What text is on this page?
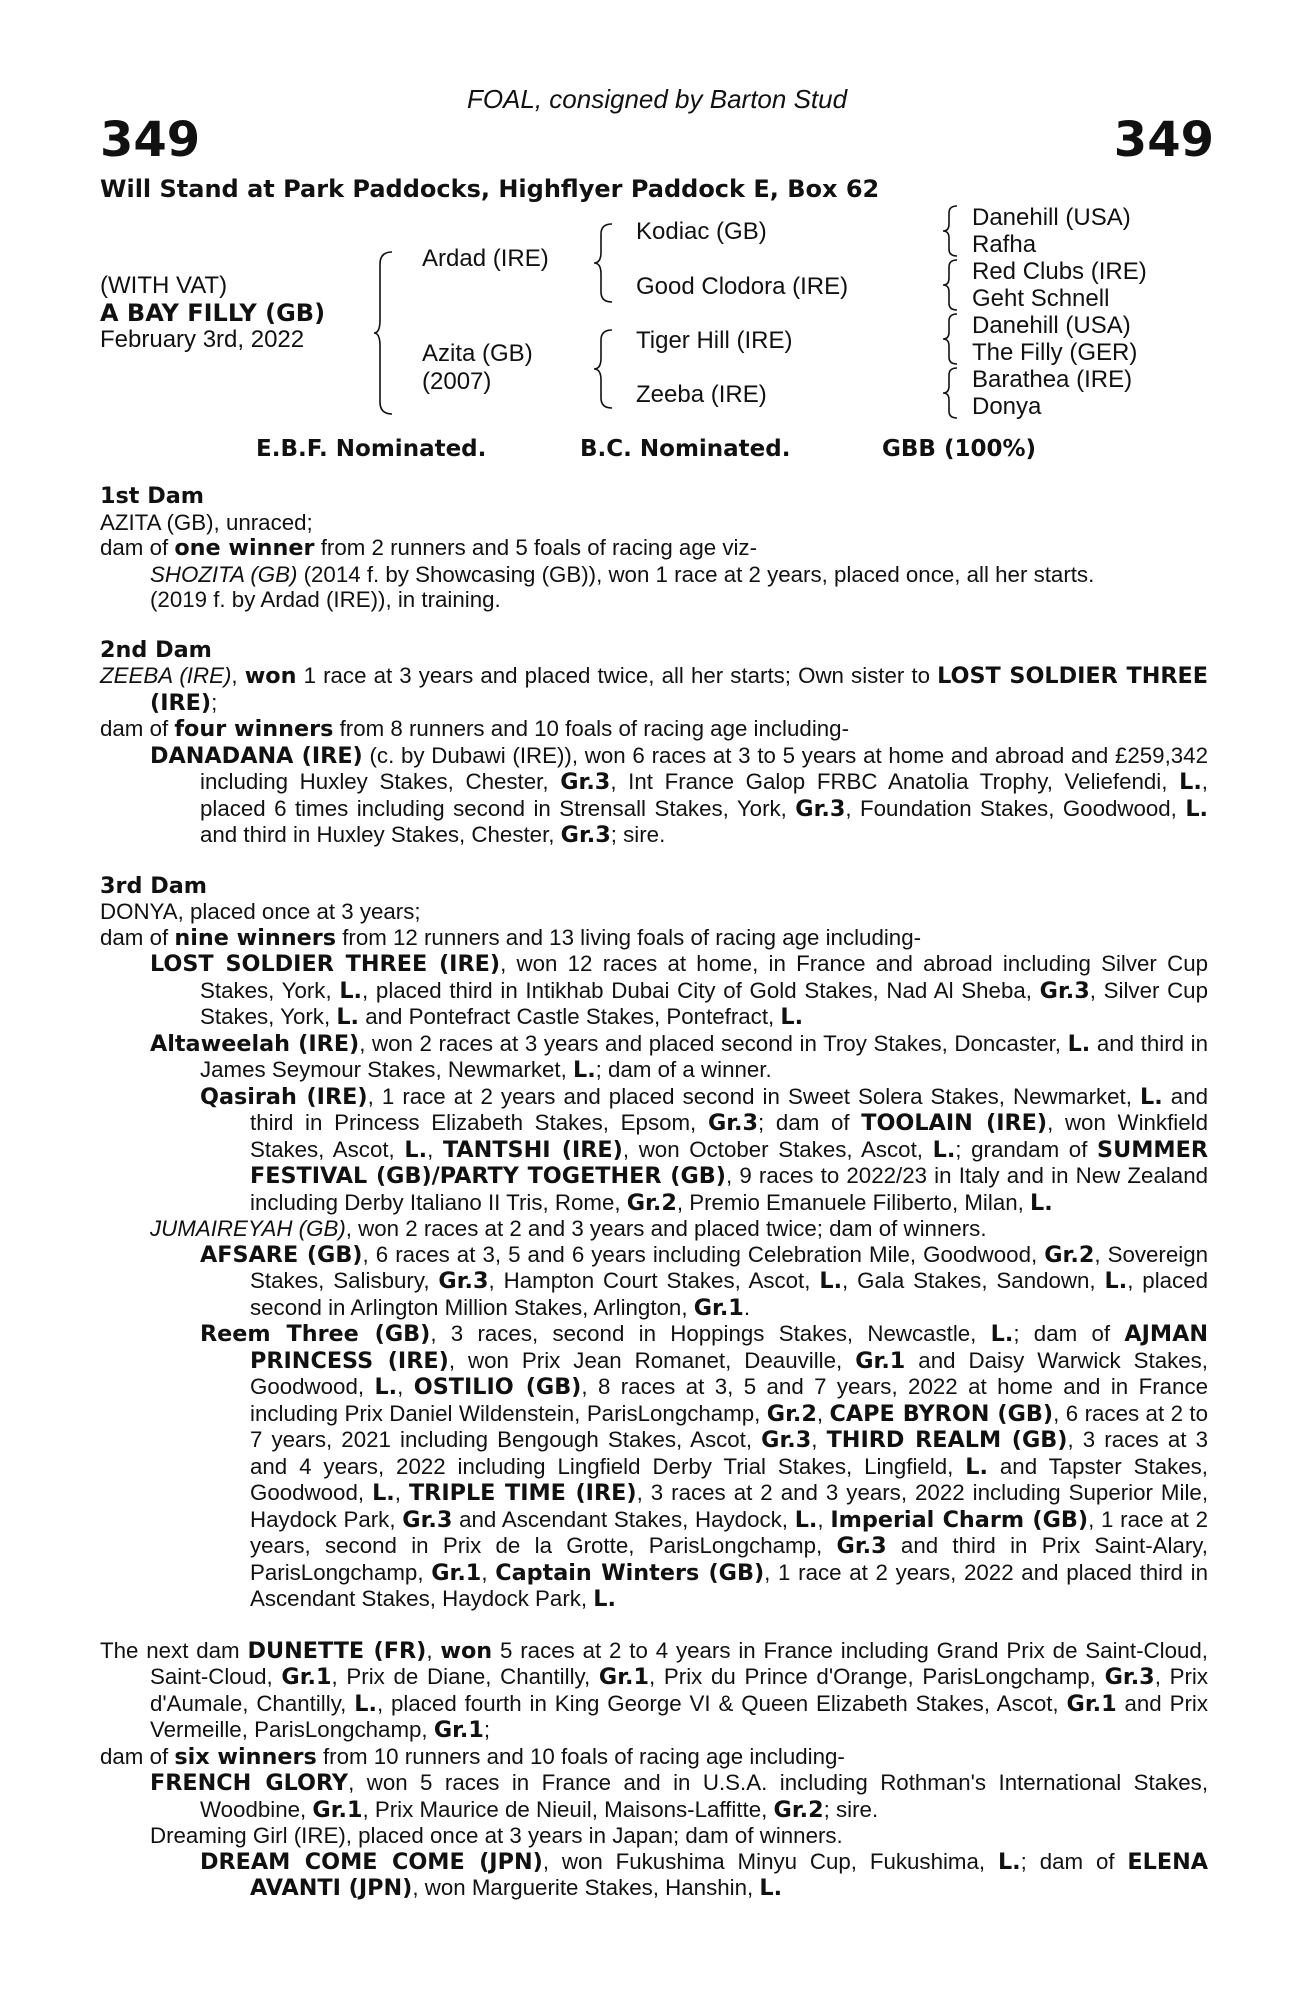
FOAL, consigned by Barton Stud
349	349
Will Stand at Park Paddocks, Highflyer Paddock E, Box 62
(WITH VAT)
A BAY FILLY (GB)
February 3rd, 2022
Ardad (IRE)
Azita (GB)
(2007)
Kodiac (GB)
Good Clodora (IRE)
Tiger Hill (IRE)
Zeeba (IRE)
Danehill (USA)
Rafha
Red Clubs (IRE)
Geht Schnell
Danehill (USA)
The Filly (GER)
Barathea (IRE)
Donya
E.B.F. Nominated.	B.C. Nominated.	GBB (100%)

1st Dam

AZITA (GB), unraced;

dam of one winner from 2 runners and 5 foals of racing age viz-

SHOZITA (GB) (2014 f. by Showcasing (GB)), won 1 race at 2 years, placed once, all her starts.

(2019 f. by Ardad (IRE)), in training.

2nd Dam

ZEEBA (IRE), won 1 race at 3 years and placed twice, all her starts; Own sister to LOST SOLDIER THREE (IRE);

dam of four winners from 8 runners and 10 foals of racing age including-

DANADANA (IRE) (c. by Dubawi (IRE)), won 6 races at 3 to 5 years at home and abroad and £259,342 including Huxley Stakes, Chester, Gr.3, Int France Galop FRBC Anatolia Trophy, Veliefendi, L., placed 6 times including second in Strensall Stakes, York, Gr.3, Foundation Stakes, Goodwood, L. and third in Huxley Stakes, Chester, Gr.3; sire.

3rd Dam

DONYA, placed once at 3 years;

dam of nine winners from 12 runners and 13 living foals of racing age including-

LOST SOLDIER THREE (IRE), won 12 races at home, in France and abroad including Silver Cup Stakes, York, L., placed third in Intikhab Dubai City of Gold Stakes, Nad Al Sheba, Gr.3, Silver Cup Stakes, York, L. and Pontefract Castle Stakes, Pontefract, L.

Altaweelah (IRE), won 2 races at 3 years and placed second in Troy Stakes, Doncaster, L. and third in James Seymour Stakes, Newmarket, L.; dam of a winner.

Qasirah (IRE), 1 race at 2 years and placed second in Sweet Solera Stakes, Newmarket, L. and third in Princess Elizabeth Stakes, Epsom, Gr.3; dam of TOOLAIN (IRE), won Winkfield Stakes, Ascot, L., TANTSHI (IRE), won October Stakes, Ascot, L.; grandam of SUMMER FESTIVAL (GB)/PARTY TOGETHER (GB), 9 races to 2022/23 in Italy and in New Zealand including Derby Italiano II Tris, Rome, Gr.2, Premio Emanuele Filiberto, Milan, L.

JUMAIREYAH (GB), won 2 races at 2 and 3 years and placed twice; dam of winners.

AFSARE (GB), 6 races at 3, 5 and 6 years including Celebration Mile, Goodwood, Gr.2, Sovereign Stakes, Salisbury, Gr.3, Hampton Court Stakes, Ascot, L., Gala Stakes, Sandown, L., placed second in Arlington Million Stakes, Arlington, Gr.1.

Reem Three (GB), 3 races, second in Hoppings Stakes, Newcastle, L.; dam of AJMAN PRINCESS (IRE), won Prix Jean Romanet, Deauville, Gr.1 and Daisy Warwick Stakes, Goodwood, L., OSTILIO (GB), 8 races at 3, 5 and 7 years, 2022 at home and in France including Prix Daniel Wildenstein, ParisLongchamp, Gr.2, CAPE BYRON (GB), 6 races at 2 to 7 years, 2021 including Bengough Stakes, Ascot, Gr.3, THIRD REALM (GB), 3 races at 3 and 4 years, 2022 including Lingfield Derby Trial Stakes, Lingfield, L. and Tapster Stakes, Goodwood, L., TRIPLE TIME (IRE), 3 races at 2 and 3 years, 2022 including Superior Mile, Haydock Park, Gr.3 and Ascendant Stakes, Haydock, L., Imperial Charm (GB), 1 race at 2 years, second in Prix de la Grotte, ParisLongchamp, Gr.3 and third in Prix Saint-Alary, ParisLongchamp, Gr.1, Captain Winters (GB), 1 race at 2 years, 2022 and placed third in Ascendant Stakes, Haydock Park, L.

The next dam DUNETTE (FR), won 5 races at 2 to 4 years in France including Grand Prix de Saint-Cloud, Saint-Cloud, Gr.1, Prix de Diane, Chantilly, Gr.1, Prix du Prince d'Orange, ParisLongchamp, Gr.3, Prix d'Aumale, Chantilly, L., placed fourth in King George VI & Queen Elizabeth Stakes, Ascot, Gr.1 and Prix Vermeille, ParisLongchamp, Gr.1;

dam of six winners from 10 runners and 10 foals of racing age including-

FRENCH GLORY, won 5 races in France and in U.S.A. including Rothman's International Stakes, Woodbine, Gr.1, Prix Maurice de Nieuil, Maisons-Laffitte, Gr.2; sire.

Dreaming Girl (IRE), placed once at 3 years in Japan; dam of winners.

DREAM COME COME (JPN), won Fukushima Minyu Cup, Fukushima, L.; dam of ELENA AVANTI (JPN), won Marguerite Stakes, Hanshin, L.
